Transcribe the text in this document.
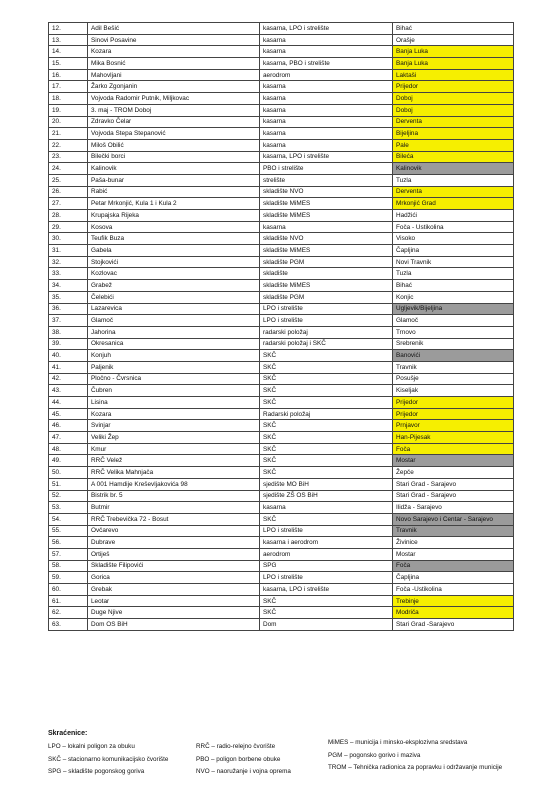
12.	Adil Bešić	kasarna, LPO i strelište	Bihać
13.	Sinovi Posavine	kasarna	Orašje
14.	Kozara	kasarna	Banja Luka
15.	Mika Bosnić	kasarna, PBO i strelište	Banja Luka
16.	Mahovljani	aerodrom	Laktaši
17.	Žarko Zgonjanin	kasarna	Prijedor
18.	Vojvoda Radomir Putnik, Miljkovac	kasarna	Doboj
19.	3. maj - TROM Doboj	kasarna	Doboj
20.	Zdravko Čelar	kasarna	Derventa
21.	Vojvoda Stepa Stepanović	kasarna	Bijeljina
22.	Miloš Obilić	kasarna	Pale
23.	Bilečki borci	kasarna, LPO i strelište	Bileća
24.	Kalinovik	PBO i strelište	Kalinovik
25.	Paša-bunar	strelište	Tuzla
26.	Rabić	skladište NVO	Derventa
27.	Petar Mrkonjić, Kula 1 i Kula 2	skladište MiMES	Mrkonjić Grad
28.	Krupajska Rijeka	skladište MiMES	Hadžići
29.	Kosova	kasarna	Foča - Ustikolina
30.	Teufik Buza	skladište NVO	Visoko
31.	Gabela	skladište MiMES	Čapljina
32.	Stojkovići	skladište PGM	Novi Travnik
33.	Kozlovac	skladište	Tuzla
34.	Grabež	skladište MiMES	Bihać
35.	Čelebići	skladište PGM	Konjic
36.	Lazarevica	LPO i strelište	Ugljevik/Bijeljina
37.	Glamoč	LPO i strelište	Glamoč
38.	Jahorina	radarski položaj	Trnovo
39.	Okresanica	radarski položaj i SKČ	Srebrenik
40.	Konjuh	SKČ	Banovići
41.	Paljenik	SKČ	Travnik
42.	Pločno - Čvrsnica	SKČ	Posušje
43.	Čubren	SKČ	Kiseljak
44.	Lisina	SKČ	Prijedor
45.	Kozara	Radarski položaj	Prijedor
46.	Svinjar	SKČ	Prnjavor
47.	Veliki Žep	SKČ	Han-Pijesak
48.	Kmur	SKČ	Foča
49.	RRČ Velež	SKČ	Mostar
50.	RRČ Velika Mahnjača	SKČ	Žepče
51.	A 001 Hamdije Kreševljakovića 98	sjedište MO BiH	Stari Grad - Sarajevo
52.	Bistrik br. 5	sjedište ZŠ OS BiH	Stari Grad - Sarajevo
53.	Butmir	kasarna	Ilidža - Sarajevo
54.	RRČ Trebevička 72 - Bosut	SKČ	Novo Sarajevo i Centar - Sarajevo
55.	Ovčarevo	LPO i strelište	Travnik
56.	Dubrave	kasarna i aerodrom	Živinice
57.	Ortiješ	aerodrom	Mostar
58.	Skladište Filipovići	SPG	Foča
59.	Gorica	LPO i strelište	Čapljina
60.	Grebak	kasarna, LPO i strelište	Foča -Ustikolina
61.	Leotar	SKČ	Trebinje
62.	Duge Njive	SKČ	Modriča
63.	Dom OS BiH	Dom	Stari Grad -Sarajevo
Skraćenice:
LPO – lokalni poligon za obuku
SKČ – stacionarno komunikacijsko čvorište
SPG – skladište pogonskog goriva
RRČ – radio-relejno čvorište
PBO – poligon borbene obuke
NVO – naoružanje i vojna oprema
MiMES – municija i minsko-eksplozivna sredstava
PGM – pogonsko gorivo i maziva
TROM – Tehnička radionica za popravku i održavanje municije
